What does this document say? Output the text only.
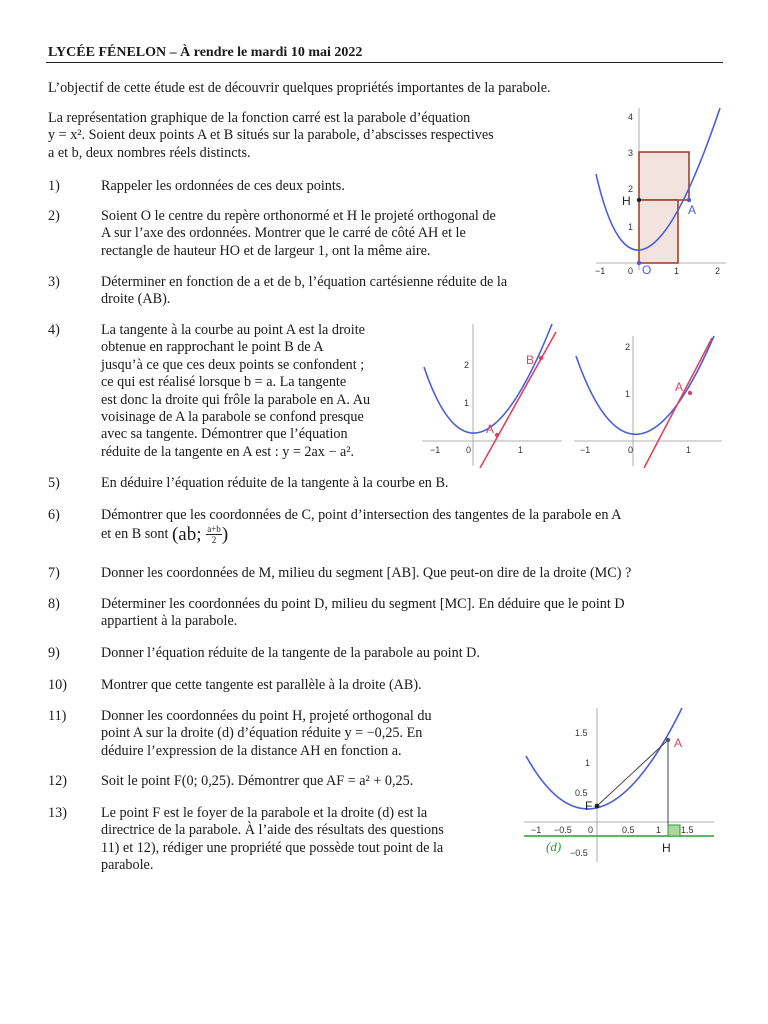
LYCÉE FÉNELON – À rendre le mardi 10 mai 2022
L’objectif de cette étude est de découvrir quelques propriétés importantes de la parabole.
La représentation graphique de la fonction carré est la parabole d’équation
y = x². Soient deux points A et B situés sur la parabole, d’abscisses respectives
a et b, deux nombres réels distincts.
1)	Rappeler les ordonnées de ces deux points.
2)	Soient O le centre du repère orthonormé et H le projeté orthogonal de
A sur l’axe des ordonnées. Montrer que le carré de côté AH et le
rectangle de hauteur HO et de largeur 1, ont la même aire.
3)	Déterminer en fonction de a et de b, l’équation cartésienne réduite de la
droite (AB).
4)	La tangente à la courbe au point A est la droite
obtenue en rapprochant le point B de A
jusqu’à ce que ces deux points se confondent ;
ce qui est réalisé lorsque b = a. La tangente
est donc la droite qui frôle la parabole en A. Au
voisinage de A la parabole se confond presque
avec sa tangente. Démontrer que l’équation
réduite de la tangente en A est : y = 2ax − a².
5)	En déduire l’équation réduite de la tangente à la courbe en B.
6)	Démontrer que les coordonnées de C, point d’intersection des tangentes de la parabole en A
et en B sont (ab; $\frac{a+b}{2}$ )
7)	Donner les coordonnées de M, milieu du segment [AB]. Que peut-on dire de la droite (MC) ?
8)	Déterminer les coordonnées du point D, milieu du segment [MC]. En déduire que le point D
appartient à la parabole.
9)	Donner l’équation réduite de la tangente de la parabole au point D.
10) Montrer que cette tangente est parallèle à la droite (AB).
11) Donner les coordonnées du point H, projeté orthogonal du
point A sur la droite (d) d’équation réduite y = −0,25. En
déduire l’expression de la distance AH en fonction a.
12) Soit le point F(0; 0,25). Démontrer que AF = a² + 0,25.
13) Le point F est le foyer de la parabole et la droite (d) est la
directrice de la parabole. À l’aide des résultats des questions
11) et 12), rédiger une propriété que possède tout point de la
parabole.
H
A
O
1
2
3
4
−1	0	1	2
A
B
1
2
−1	0	1
A
1
2
−1	0	1
A
F
H
(d)
1.5
1
0.5
−0.5
−1 −0.5 0	0.5 1 1.5
